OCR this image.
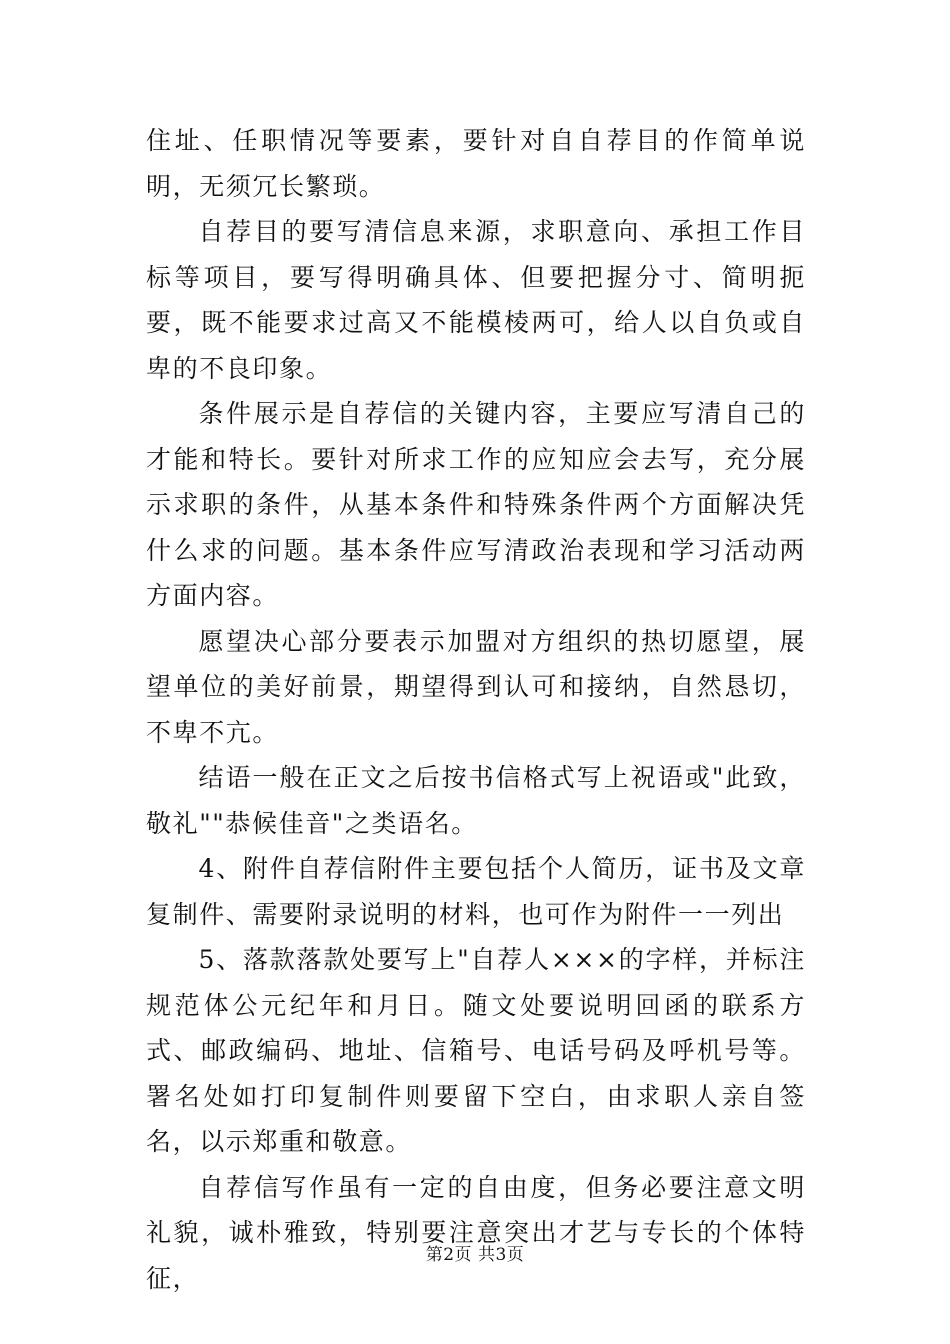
住址、任职情况等要素，要针对自自荐目的作简单说明，无须冗长繁琐。

自荐目的要写清信息来源，求职意向、承担工作目标等项目，要写得明确具体、但要把握分寸、简明扼要，既不能要求过高又不能模棱两可，给人以自负或自卑的不良印象。

条件展示是自荐信的关键内容，主要应写清自己的才能和特长。要针对所求工作的应知应会去写，充分展示求职的条件，从基本条件和特殊条件两个方面解决凭什么求的问题。基本条件应写清政治表现和学习活动两方面内容。

愿望决心部分要表示加盟对方组织的热切愿望，展望单位的美好前景，期望得到认可和接纳，自然恳切，不卑不亢。

结语一般在正文之后按书信格式写上祝语或"此致，敬礼""恭候佳音"之类语名。

4、附件自荐信附件主要包括个人简历，证书及文章复制件、需要附录说明的材料，也可作为附件一一列出

5、落款落款处要写上"自荐人×××的字样，并标注规范体公元纪年和月日。随文处要说明回函的联系方式、邮政编码、地址、信箱号、电话号码及呼机号等。署名处如打印复制件则要留下空白，由求职人亲自签名，以示郑重和敬意。

自荐信写作虽有一定的自由度，但务必要注意文明礼貌，诚朴雅致，特别要注意突出才艺与专长的个体特征，

第2页 共3页
